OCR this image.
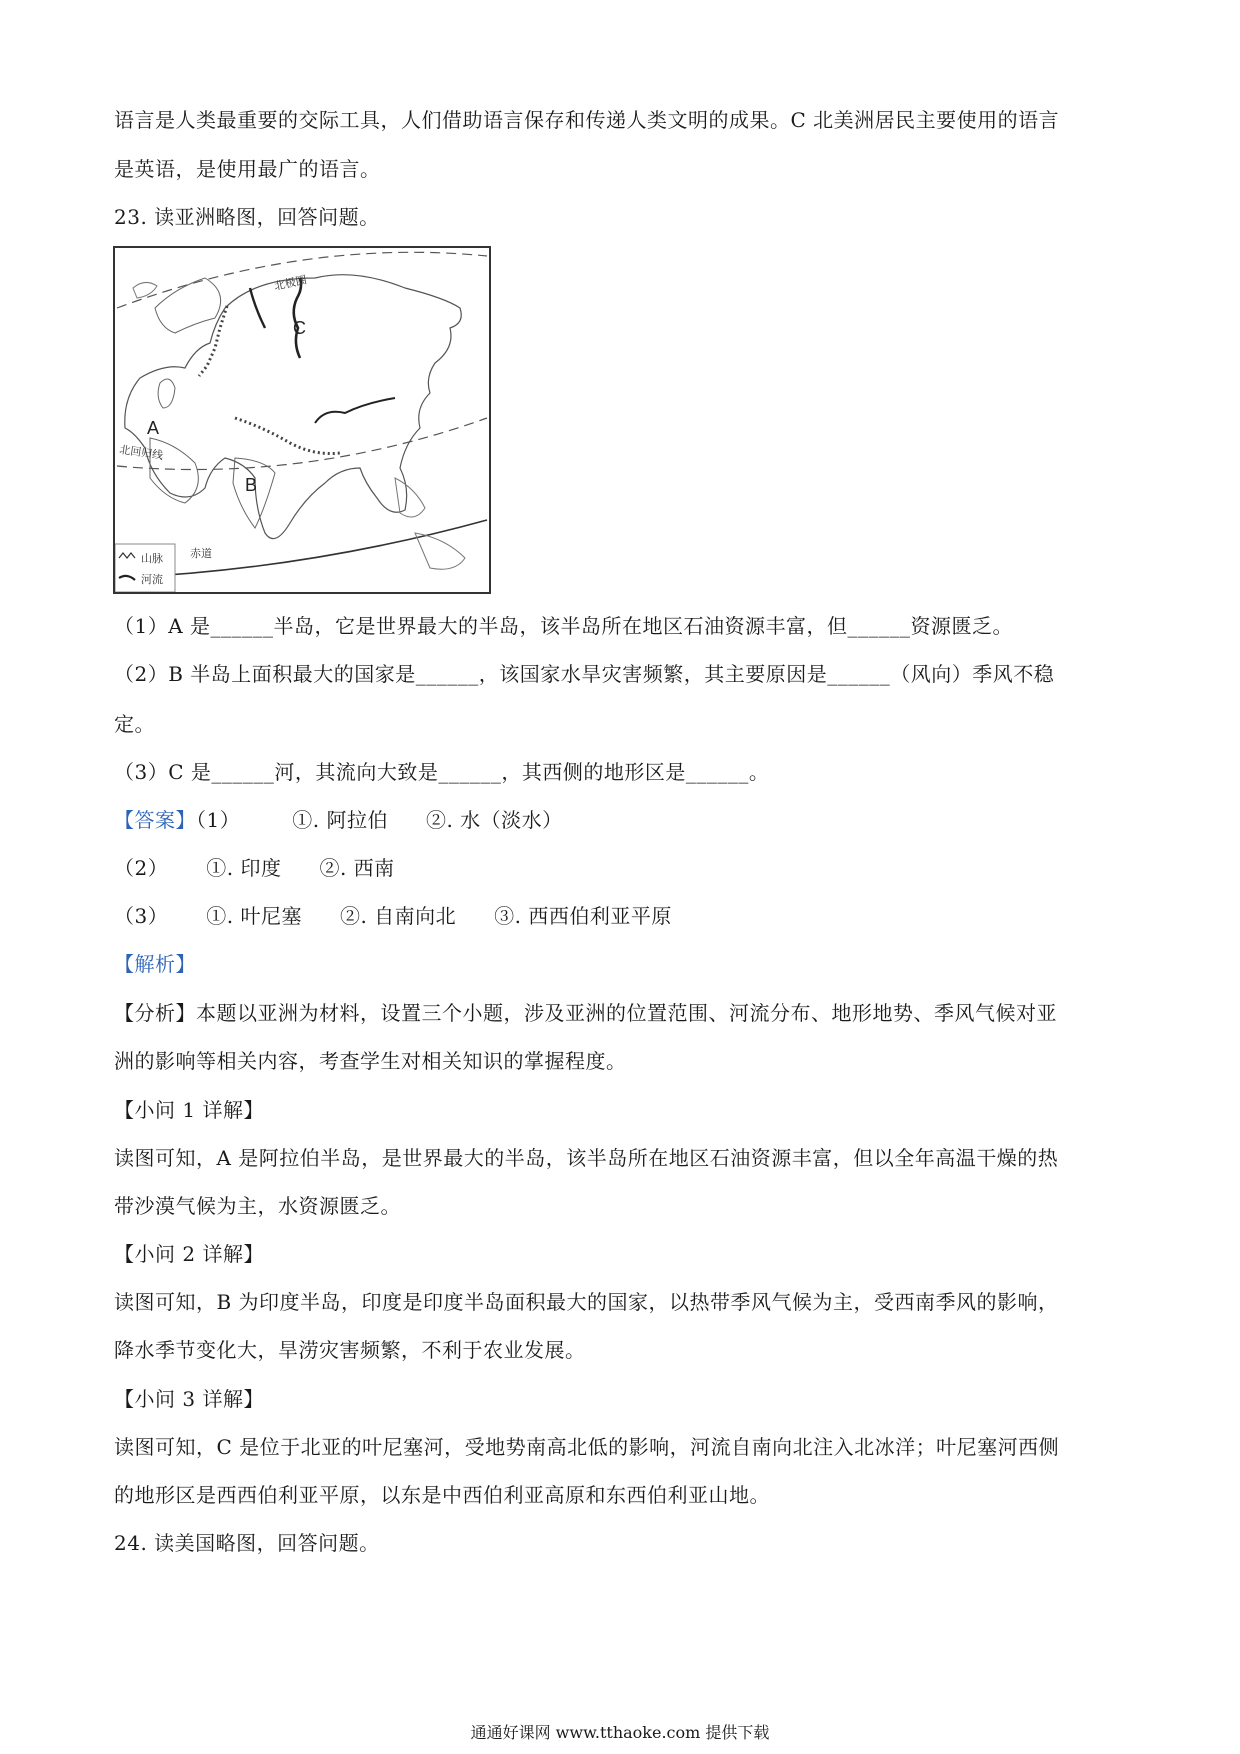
语言是人类最重要的交际工具，人们借助语言保存和传递人类文明的成果。C 北美洲居民主要使用的语言
是英语，是使用最广的语言。
23. 读亚洲略图，回答问题。
C
A
B
北极圈
北回归线
赤道
山脉
河流
（1）A 是______半岛，它是世界最大的半岛，该半岛所在地区石油资源丰富，但______资源匮乏。
（2）B 半岛上面积最大的国家是______，该国家水旱灾害频繁，其主要原因是______（风向）季风不稳
定。
（3）C 是______河，其流向大致是______，其西侧的地形区是______。
【答案】（1）	①. 阿拉伯 ②. 水（淡水）
（2） ①. 印度 ②. 西南
（3） ①. 叶尼塞 ②. 自南向北 ③. 西西伯利亚平原
【解析】
【分析】本题以亚洲为材料，设置三个小题，涉及亚洲的位置范围、河流分布、地形地势、季风气候对亚
洲的影响等相关内容，考查学生对相关知识的掌握程度。
【小问 1 详解】
读图可知，A 是阿拉伯半岛，是世界最大的半岛，该半岛所在地区石油资源丰富，但以全年高温干燥的热
带沙漠气候为主，水资源匮乏。
【小问 2 详解】
读图可知，B 为印度半岛，印度是印度半岛面积最大的国家，以热带季风气候为主，受西南季风的影响，
降水季节变化大，旱涝灾害频繁，不利于农业发展。
【小问 3 详解】
读图可知，C 是位于北亚的叶尼塞河，受地势南高北低的影响，河流自南向北注入北冰洋；叶尼塞河西侧
的地形区是西西伯利亚平原，以东是中西伯利亚高原和东西伯利亚山地。
24. 读美国略图，回答问题。
通通好课网 www.tthaoke.com 提供下载
